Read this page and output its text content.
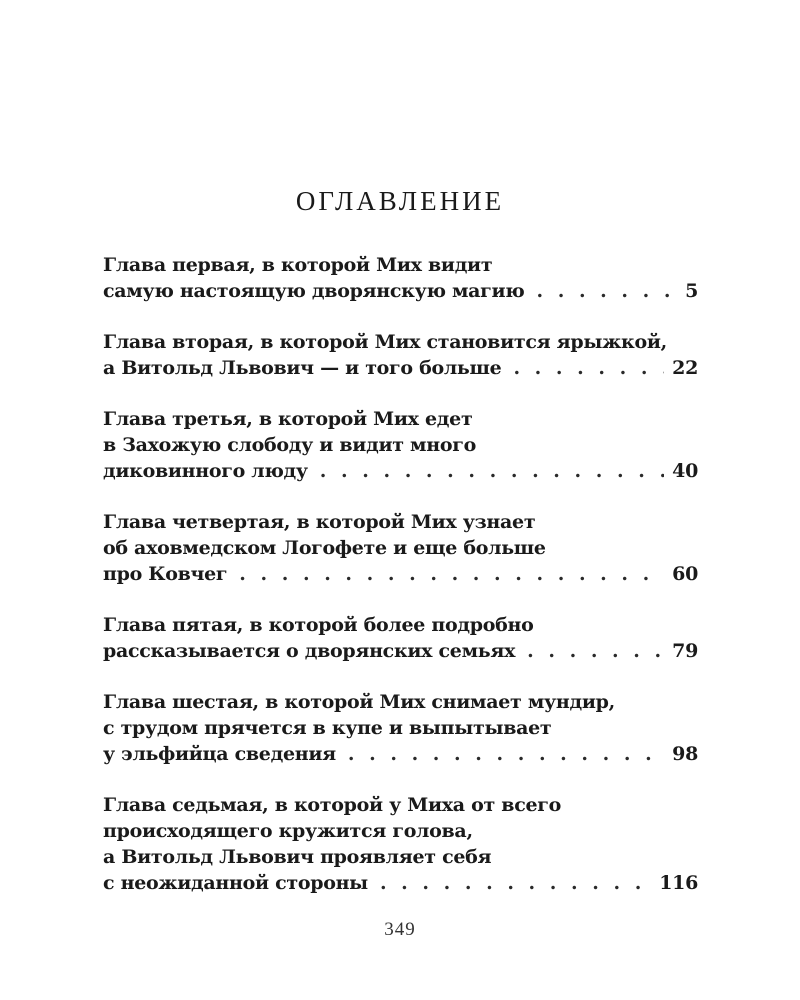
ОГЛАВЛЕНИЕ
Глава первая, в которой Мих видит
самую настоящую дворянскую магию . . .	5
Глава вторая, в которой Мих становится ярыжкой,
а Витольд Львович — и того больше . . .	22
Глава третья, в которой Мих едет
в Захожую слободу и видит много
диковинного люду . . .	40
Глава четвертая, в которой Мих узнает
об аховмедском Логофете и еще больше
про Ковчег . . .	60
Глава пятая, в которой более подробно
рассказывается о дворянских семьях . . .	79
Глава шестая, в которой Мих снимает мундир,
с трудом прячется в купе и выпытывает
у эльфийца сведения . . .	98
Глава седьмая, в которой у Миха от всего
происходящего кружится голова,
а Витольд Львович проявляет себя
с неожиданной стороны . . .	116
349
